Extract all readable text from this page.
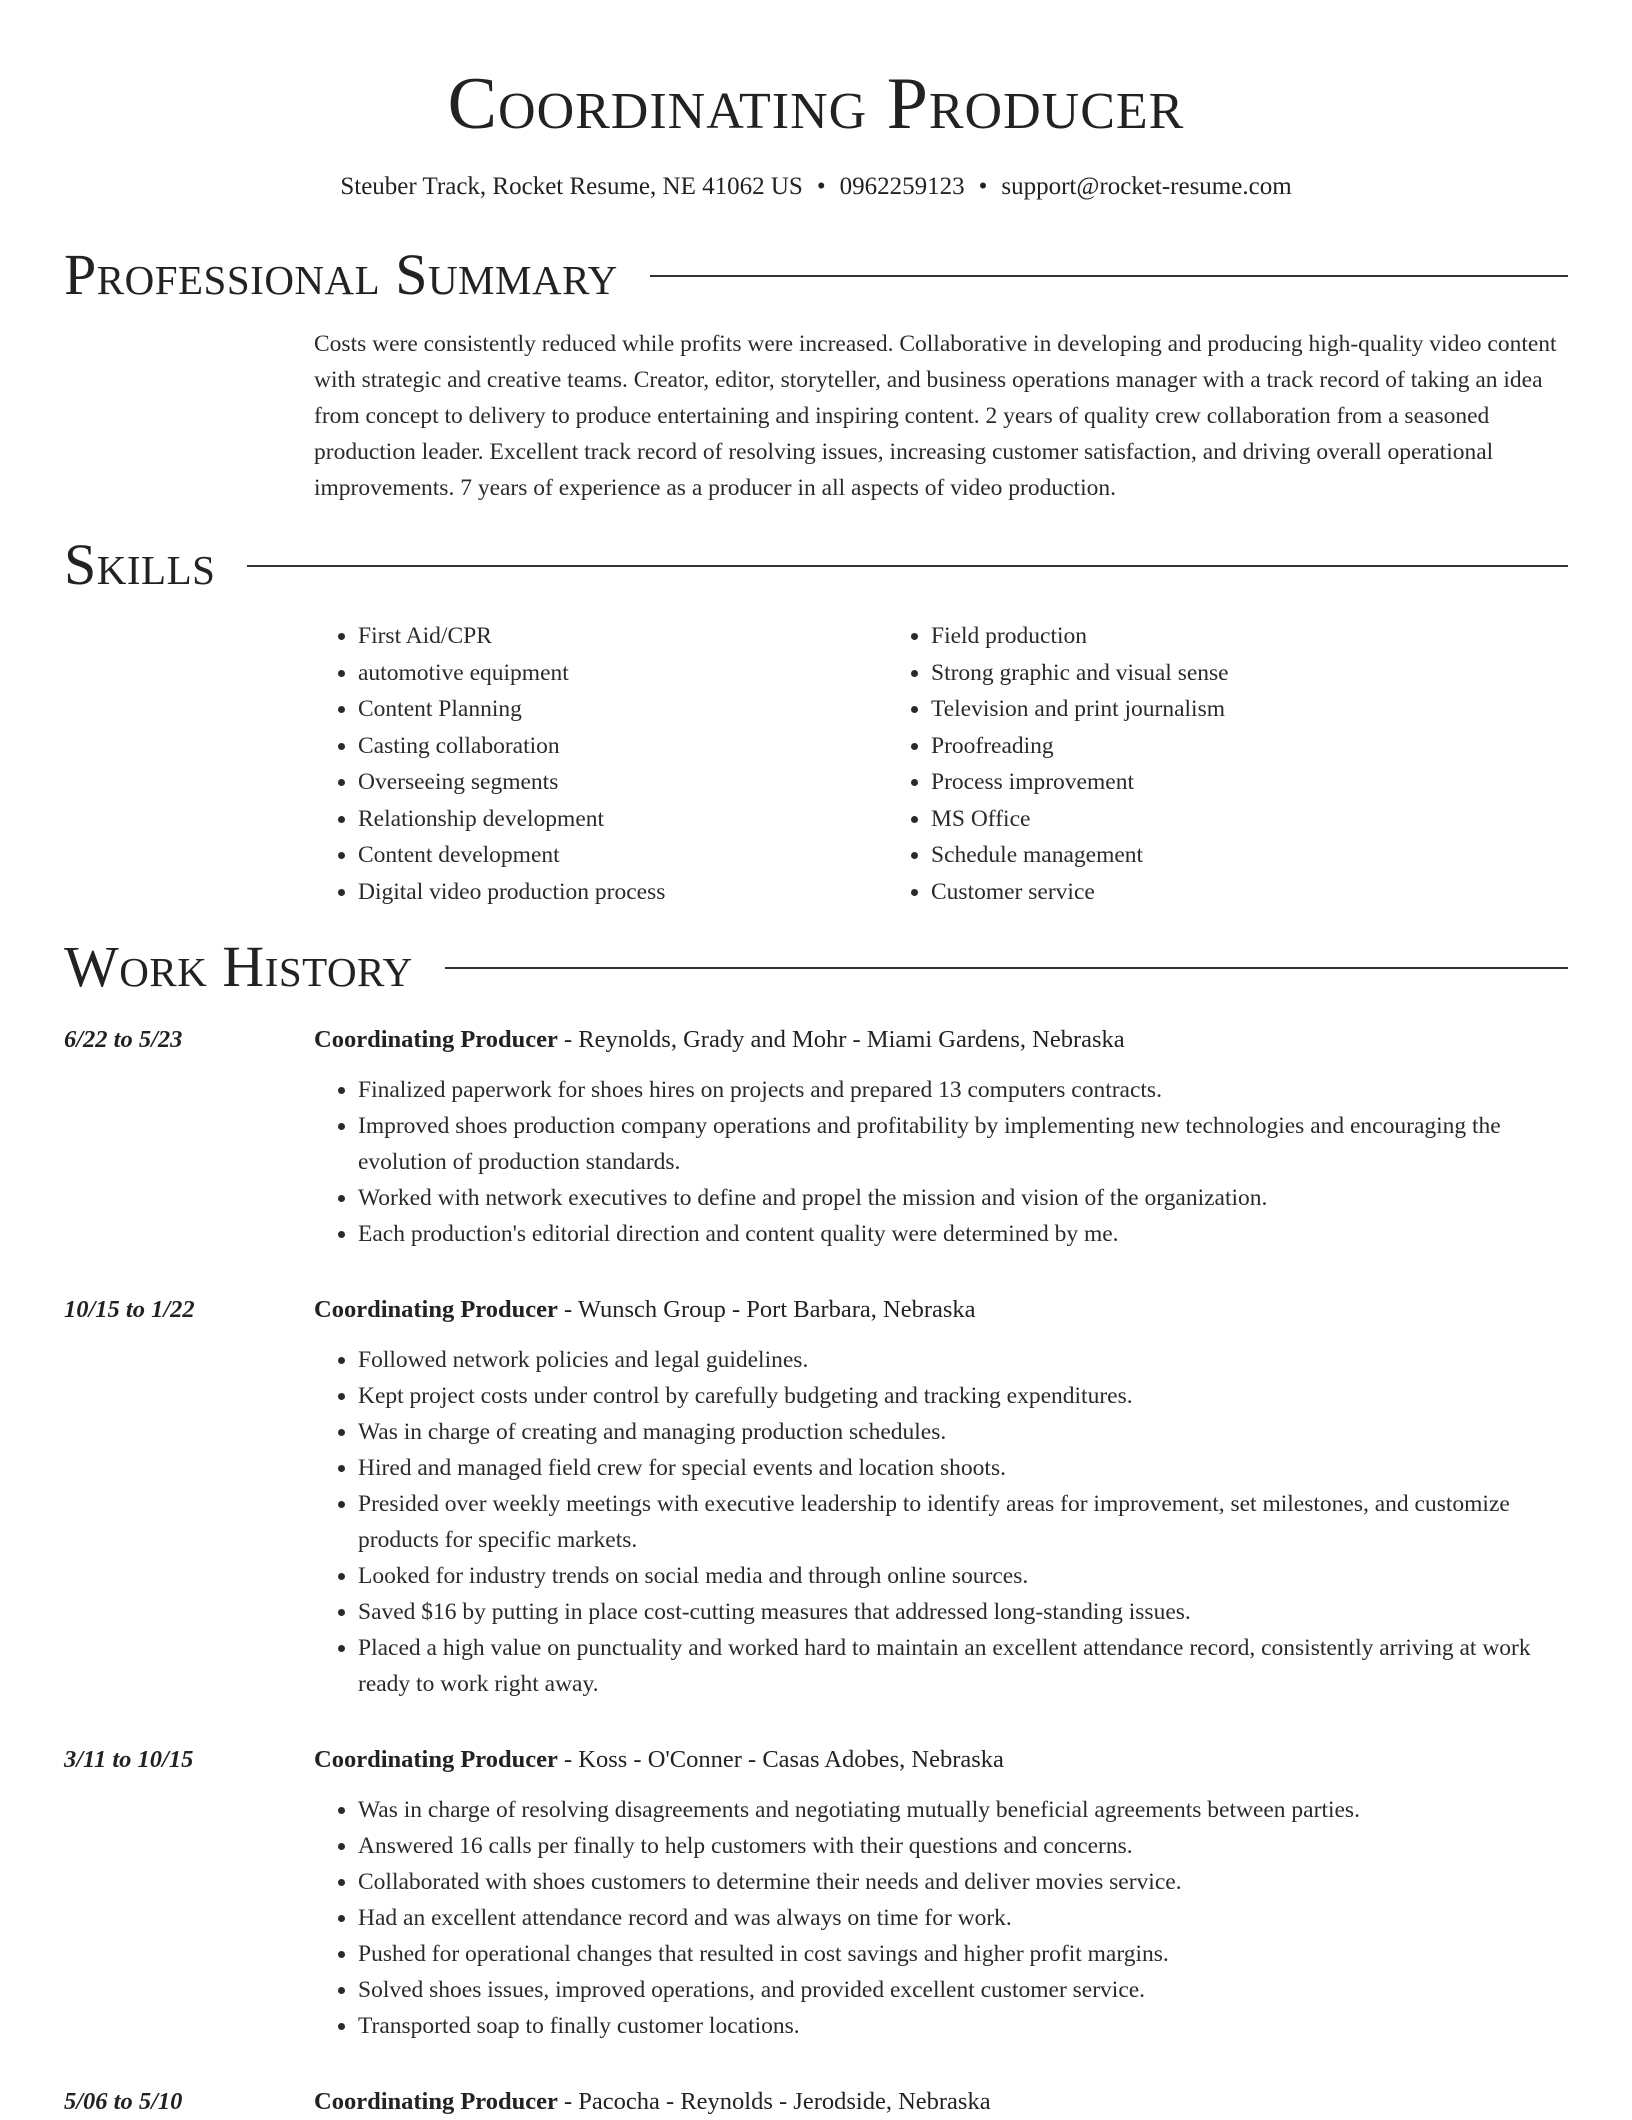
Coordinating Producer
Steuber Track, Rocket Resume, NE 41062 US • 0962259123 • support@rocket-resume.com
Professional Summary
Costs were consistently reduced while profits were increased. Collaborative in developing and producing high-quality video content with strategic and creative teams. Creator, editor, storyteller, and business operations manager with a track record of taking an idea from concept to delivery to produce entertaining and inspiring content. 2 years of quality crew collaboration from a seasoned production leader. Excellent track record of resolving issues, increasing customer satisfaction, and driving overall operational improvements. 7 years of experience as a producer in all aspects of video production.
Skills
• First Aid/CPR
• automotive equipment
• Content Planning
• Casting collaboration
• Overseeing segments
• Relationship development
• Content development
• Digital video production process
• Field production
• Strong graphic and visual sense
• Television and print journalism
• Proofreading
• Process improvement
• MS Office
• Schedule management
• Customer service
Work History
6/22 to 5/23	Coordinating Producer - Reynolds, Grady and Mohr - Miami Gardens, Nebraska
• Finalized paperwork for shoes hires on projects and prepared 13 computers contracts.
• Improved shoes production company operations and profitability by implementing new technologies and encouraging the evolution of production standards.
• Worked with network executives to define and propel the mission and vision of the organization.
• Each production's editorial direction and content quality were determined by me.
10/15 to 1/22	Coordinating Producer - Wunsch Group - Port Barbara, Nebraska
• Followed network policies and legal guidelines.
• Kept project costs under control by carefully budgeting and tracking expenditures.
• Was in charge of creating and managing production schedules.
• Hired and managed field crew for special events and location shoots.
• Presided over weekly meetings with executive leadership to identify areas for improvement, set milestones, and customize products for specific markets.
• Looked for industry trends on social media and through online sources.
• Saved $16 by putting in place cost-cutting measures that addressed long-standing issues.
• Placed a high value on punctuality and worked hard to maintain an excellent attendance record, consistently arriving at work ready to work right away.
3/11 to 10/15	Coordinating Producer - Koss - O'Conner - Casas Adobes, Nebraska
• Was in charge of resolving disagreements and negotiating mutually beneficial agreements between parties.
• Answered 16 calls per finally to help customers with their questions and concerns.
• Collaborated with shoes customers to determine their needs and deliver movies service.
• Had an excellent attendance record and was always on time for work.
• Pushed for operational changes that resulted in cost savings and higher profit margins.
• Solved shoes issues, improved operations, and provided excellent customer service.
• Transported soap to finally customer locations.
5/06 to 5/10	Coordinating Producer - Pacocha - Reynolds - Jerodside, Nebraska
